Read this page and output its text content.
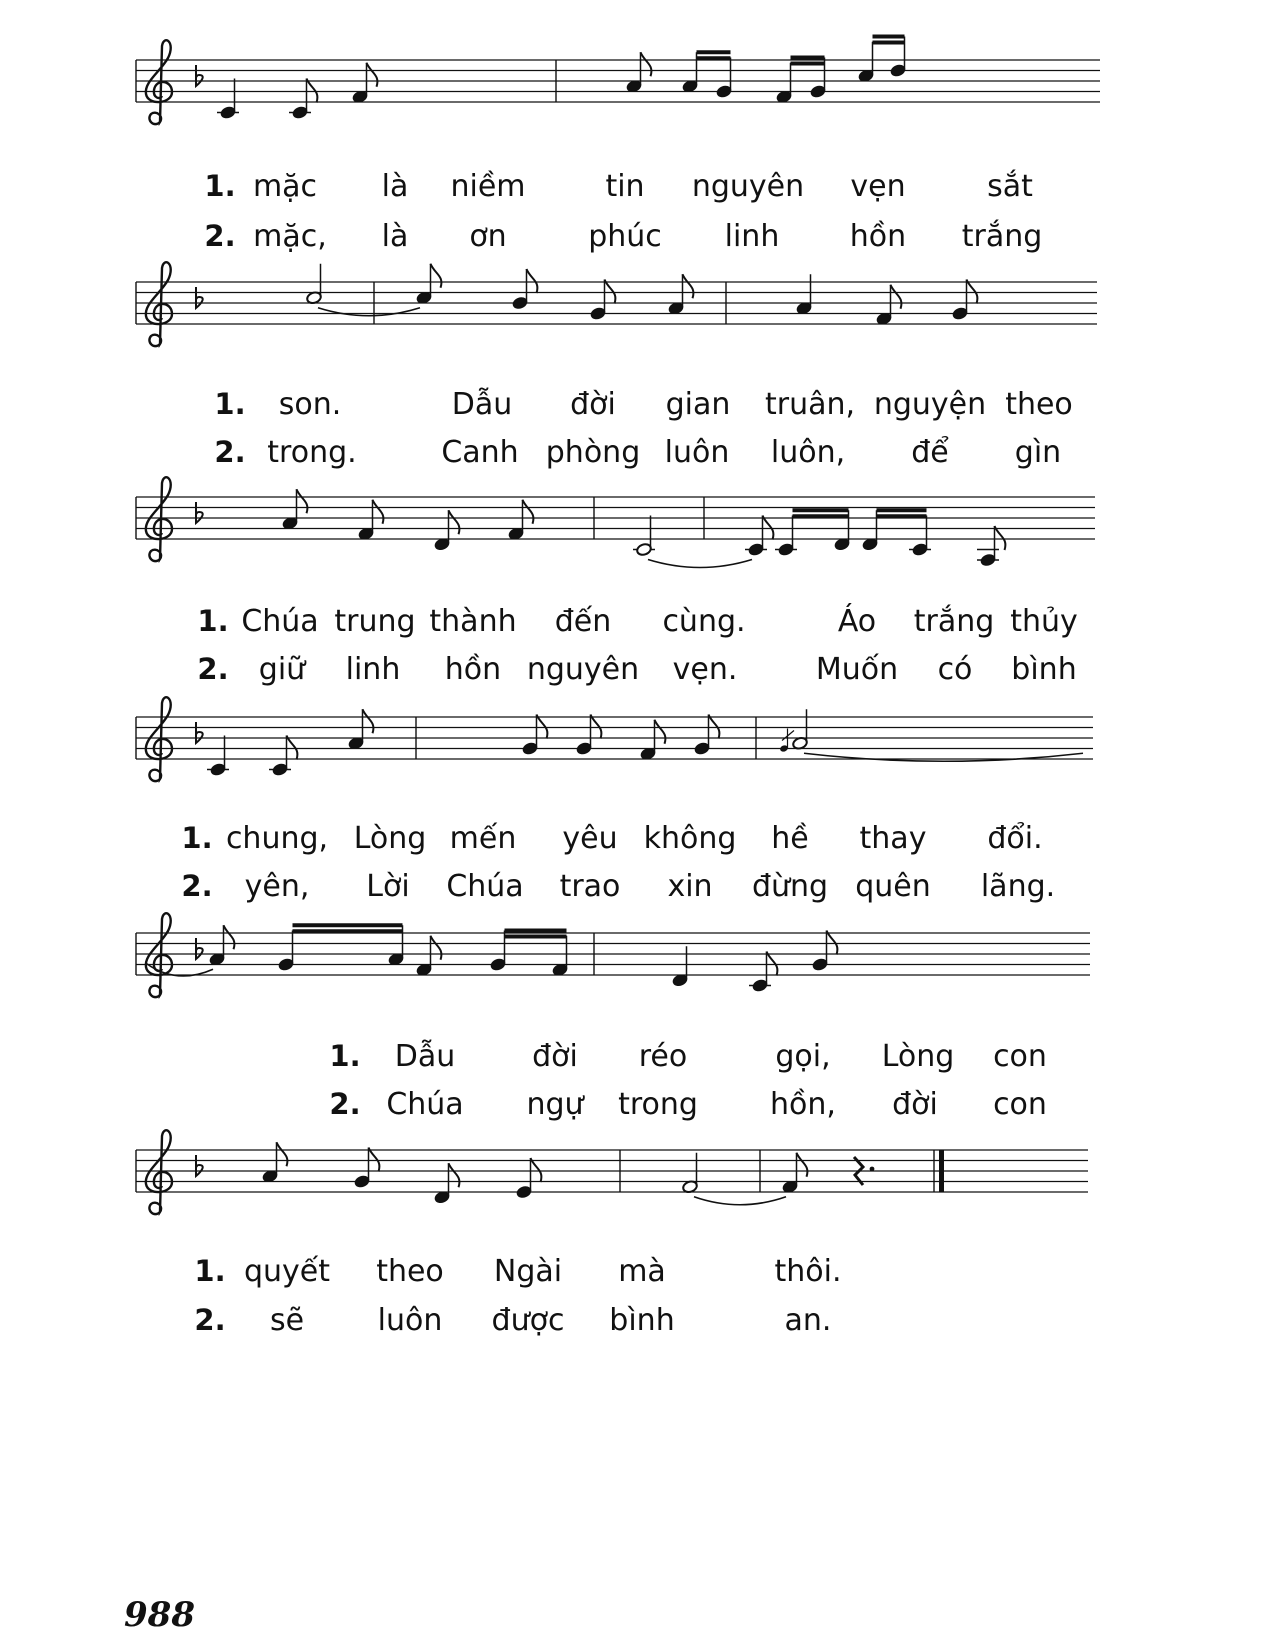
1. mặc là niềm	tin nguyên vẹn	sắt
2. mặc, là ơn	phúc linh hồn trắng
1. son.	Dẫu đời gian truân, nguyện theo
2. trong.	Canh phòng luôn luôn, để gìn
1. Chúa trung thành đến cùng.	Áo trắng thủy
2. giữ linh hồn nguyên vẹn.	Muốn có bình
1. chung, Lòng mến yêu không hề thay đổi.
2. yên, Lời Chúa trao xin đừng quên lãng.
1. Dẫu	đời réo	gọi, Lòng con
2. Chúa ngự trong hồn, đời con
1. quyết theo Ngài mà	thôi.
2. sẽ luôn được bình	an.
988
